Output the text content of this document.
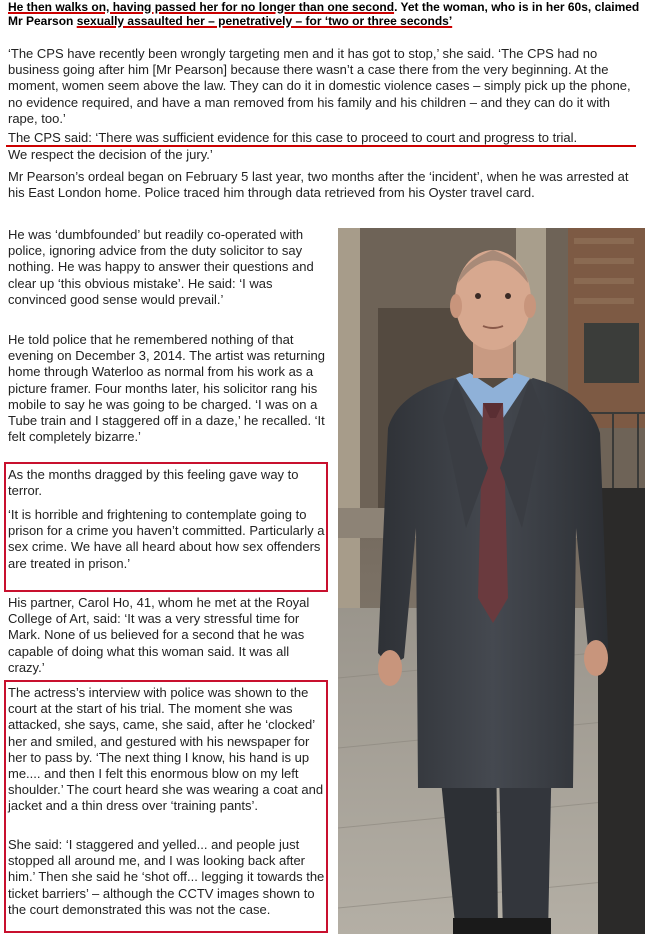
He then walks on, having passed her for no longer than one second. Yet the woman, who is in her 60s, claimed Mr Pearson sexually assaulted her – penetratively – for ‘two or three seconds’

‘The CPS have recently been wrongly targeting men and it has got to stop,’ she said. ‘The CPS had no business going after him [Mr Pearson] because there wasn’t a case there from the very beginning. At the moment, women seem above the law. They can do it in domestic violence cases – simply pick up the phone, no evidence required, and have a man removed from his family and his children – and they can do it with rape, too.’

The CPS said: ‘There was sufficient evidence for this case to proceed to court and progress to trial.

We respect the decision of the jury.’

Mr Pearson’s ordeal began on February 5 last year, two months after the ‘incident’, when he was arrested at his East London home. Police traced him through data retrieved from his Oyster travel card.

He was ‘dumbfounded’ but readily co-operated with police, ignoring advice from the duty solicitor to say nothing. He was happy to answer their questions and clear up ‘this obvious mistake’. He said: ‘I was convinced good sense would prevail.’

He told police that he remembered nothing of that evening on December 3, 2014. The artist was returning home through Waterloo as normal from his work as a picture framer. Four months later, his solicitor rang his mobile to say he was going to be charged. ‘I was on a Tube train and I staggered off in a daze,’ he recalled. ‘It felt completely bizarre.’

As the months dragged by this feeling gave way to terror.

‘It is horrible and frightening to contemplate going to prison for a crime you haven’t committed. Particularly a sex crime. We have all heard about how sex offenders are treated in prison.’

His partner, Carol Ho, 41, whom he met at the Royal College of Art, said: ‘It was a very stressful time for Mark. None of us believed for a second that he was capable of doing what this woman said. It was all crazy.’

The actress’s interview with police was shown to the court at the start of his trial. The moment she was attacked, she says, came, she said, after he ‘clocked’ her and smiled, and gestured with his newspaper for her to pass by. ‘The next thing I know, his hand is up me.... and then I felt this enormous blow on my left shoulder.’ The court heard she was wearing a coat and jacket and a thin dress over ‘training pants’.

She said: ‘I staggered and yelled... and people just stopped all around me, and I was looking back after him.’ Then she said he ‘shot off... legging it towards the ticket barriers’ – although the CCTV images shown to the court demonstrated this was not the case.
